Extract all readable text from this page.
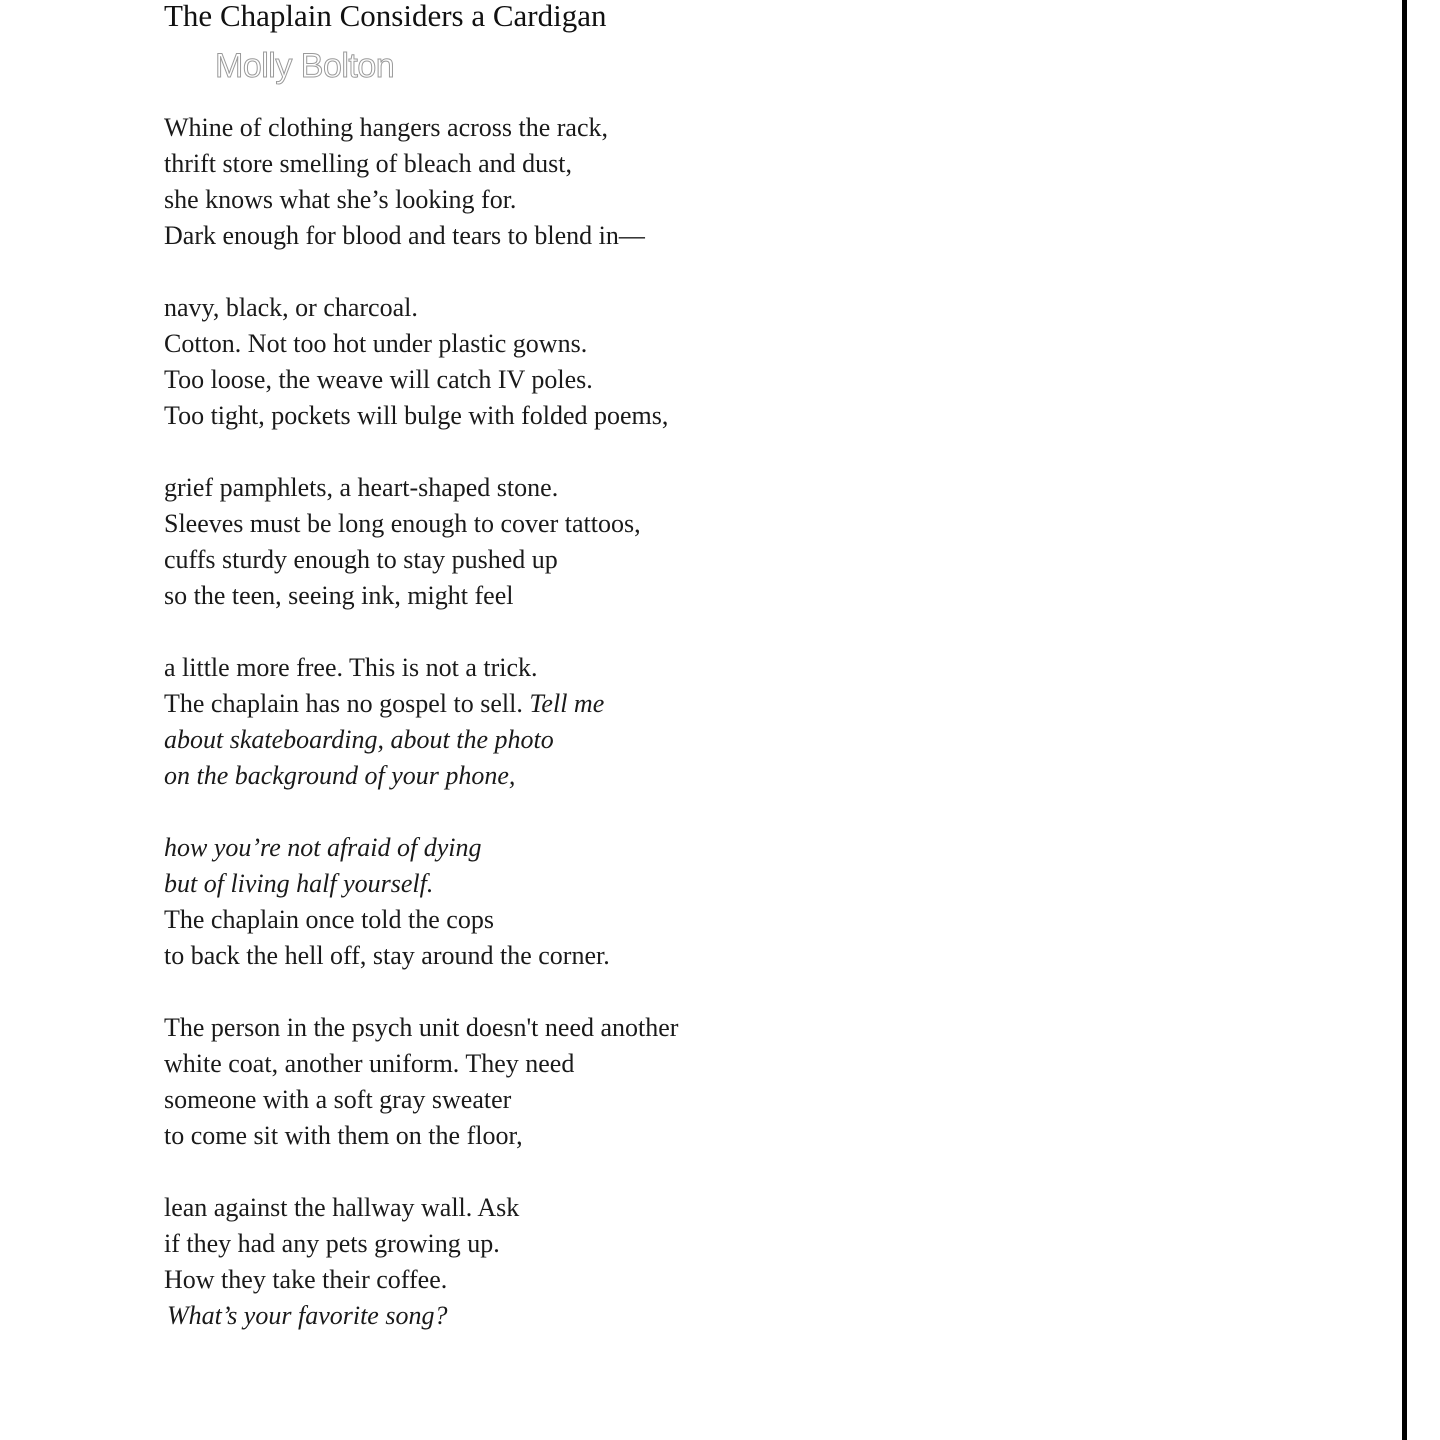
The Chaplain Considers a Cardigan
Molly Bolton
Whine of clothing hangers across the rack,
thrift store smelling of bleach and dust,
she knows what she’s looking for.
Dark enough for blood and tears to blend in—
navy, black, or charcoal.
Cotton. Not too hot under plastic gowns.
Too loose, the weave will catch IV poles.
Too tight, pockets will bulge with folded poems,
grief pamphlets, a heart-shaped stone.
Sleeves must be long enough to cover tattoos,
cuffs sturdy enough to stay pushed up
so the teen, seeing ink, might feel
a little more free. This is not a trick.
The chaplain has no gospel to sell. Tell me
about skateboarding, about the photo
on the background of your phone,
how you’re not afraid of dying
but of living half yourself.
The chaplain once told the cops
to back the hell off, stay around the corner.
The person in the psych unit doesn't need another
white coat, another uniform. They need
someone with a soft gray sweater
to come sit with them on the floor,
lean against the hallway wall. Ask
if they had any pets growing up.
How they take their coffee.
What’s your favorite song?
